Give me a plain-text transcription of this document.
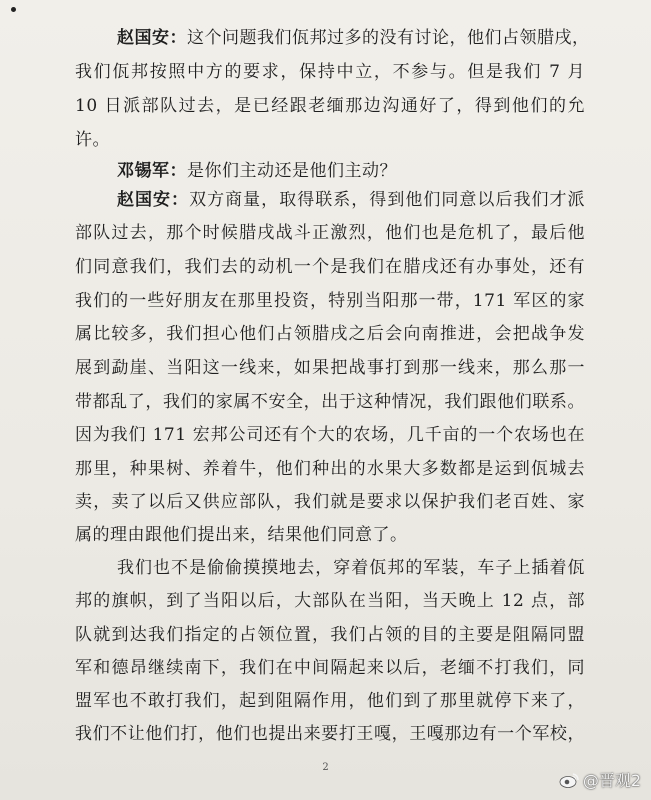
赵国安：这个问题我们佤邦过多的没有讨论，他们占领腊戌，
我们佤邦按照中方的要求，保持中立，不参与。但是我们 7 月
10 日派部队过去，是已经跟老缅那边沟通好了，得到他们的允
许。
邓锡军：是你们主动还是他们主动？
赵国安：双方商量，取得联系，得到他们同意以后我们才派
部队过去，那个时候腊戌战斗正激烈，他们也是危机了，最后他
们同意我们，我们去的动机一个是我们在腊戌还有办事处，还有
我们的一些好朋友在那里投资，特别当阳那一带，171 军区的家
属比较多，我们担心他们占领腊戌之后会向南推进，会把战争发
展到勐崖、当阳这一线来，如果把战事打到那一线来，那么那一
带都乱了，我们的家属不安全，出于这种情况，我们跟他们联系。
因为我们 171 宏邦公司还有个大的农场，几千亩的一个农场也在
那里，种果树、养着牛，他们种出的水果大多数都是运到佤城去
卖，卖了以后又供应部队，我们就是要求以保护我们老百姓、家
属的理由跟他们提出来，结果他们同意了。
我们也不是偷偷摸摸地去，穿着佤邦的军装，车子上插着佤
邦的旗帜，到了当阳以后，大部队在当阳，当天晚上 12 点，部
队就到达我们指定的占领位置，我们占领的目的主要是阻隔同盟
军和德昂继续南下，我们在中间隔起来以后，老缅不打我们，同
盟军也不敢打我们，起到阻隔作用，他们到了那里就停下来了，
我们不让他们打，他们也提出来要打王嘎，王嘎那边有一个军校，
2
@晋观2
